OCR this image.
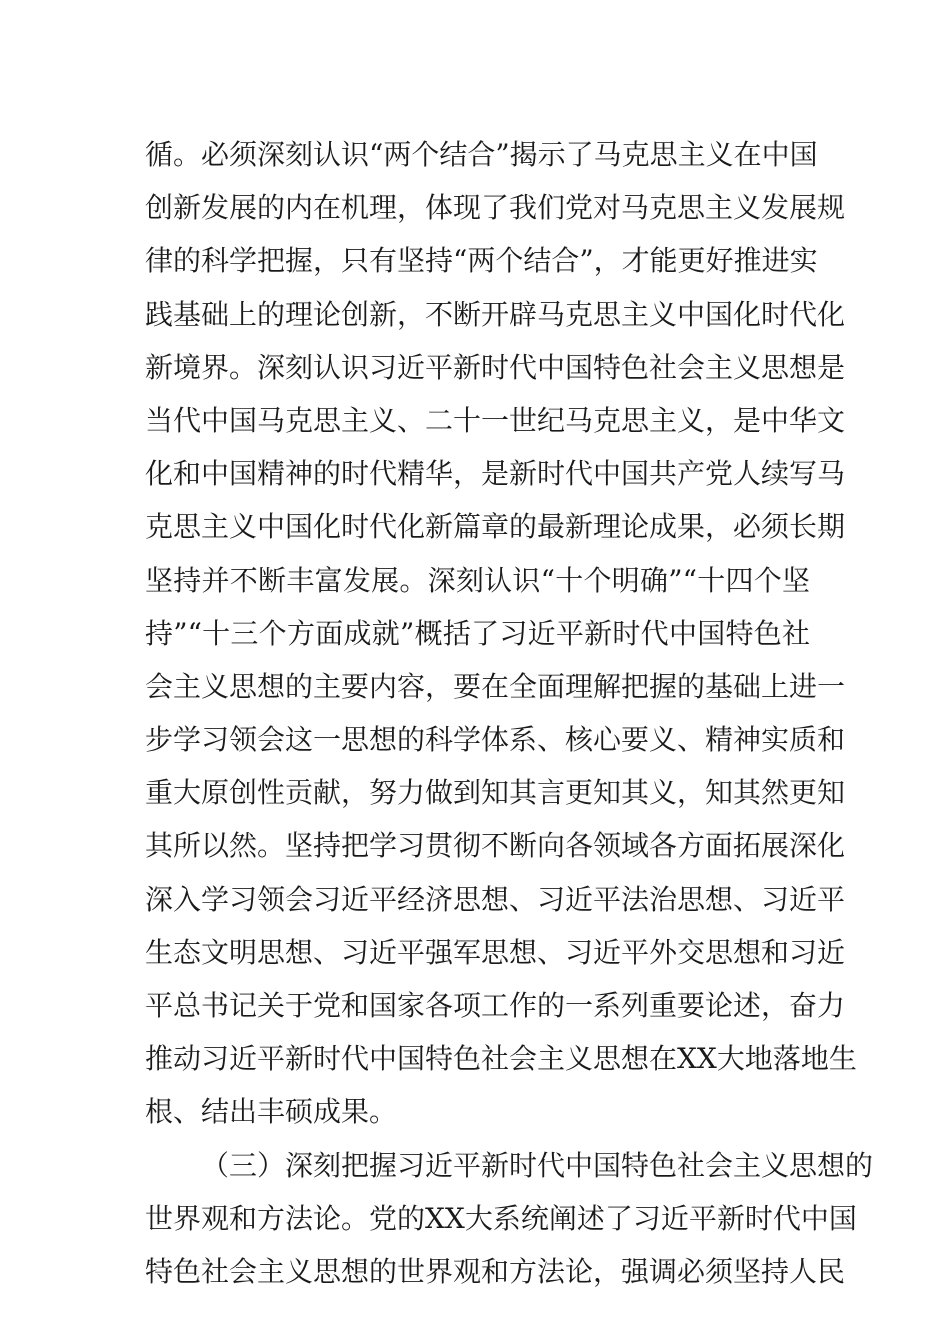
循。必须深刻认识“两个结合”揭示了马克思主义在中国
创新发展的内在机理，体现了我们党对马克思主义发展规
律的科学把握，只有坚持“两个结合”，才能更好推进实
践基础上的理论创新，不断开辟马克思主义中国化时代化
新境界。深刻认识习近平新时代中国特色社会主义思想是
当代中国马克思主义、二十一世纪马克思主义，是中华文
化和中国精神的时代精华，是新时代中国共产党人续写马
克思主义中国化时代化新篇章的最新理论成果，必须长期
坚持并不断丰富发展。深刻认识“十个明确”“十四个坚
持”“十三个方面成就”概括了习近平新时代中国特色社
会主义思想的主要内容，要在全面理解把握的基础上进一
步学习领会这一思想的科学体系、核心要义、精神实质和
重大原创性贡献，努力做到知其言更知其义，知其然更知
其所以然。坚持把学习贯彻不断向各领域各方面拓展深化
深入学习领会习近平经济思想、习近平法治思想、习近平
生态文明思想、习近平强军思想、习近平外交思想和习近
平总书记关于党和国家各项工作的一系列重要论述，奋力
推动习近平新时代中国特色社会主义思想在XX大地落地生
根、结出丰硕成果。
（三）深刻把握习近平新时代中国特色社会主义思想的
世界观和方法论。党的XX大系统阐述了习近平新时代中国
特色社会主义思想的世界观和方法论，强调必须坚持人民
